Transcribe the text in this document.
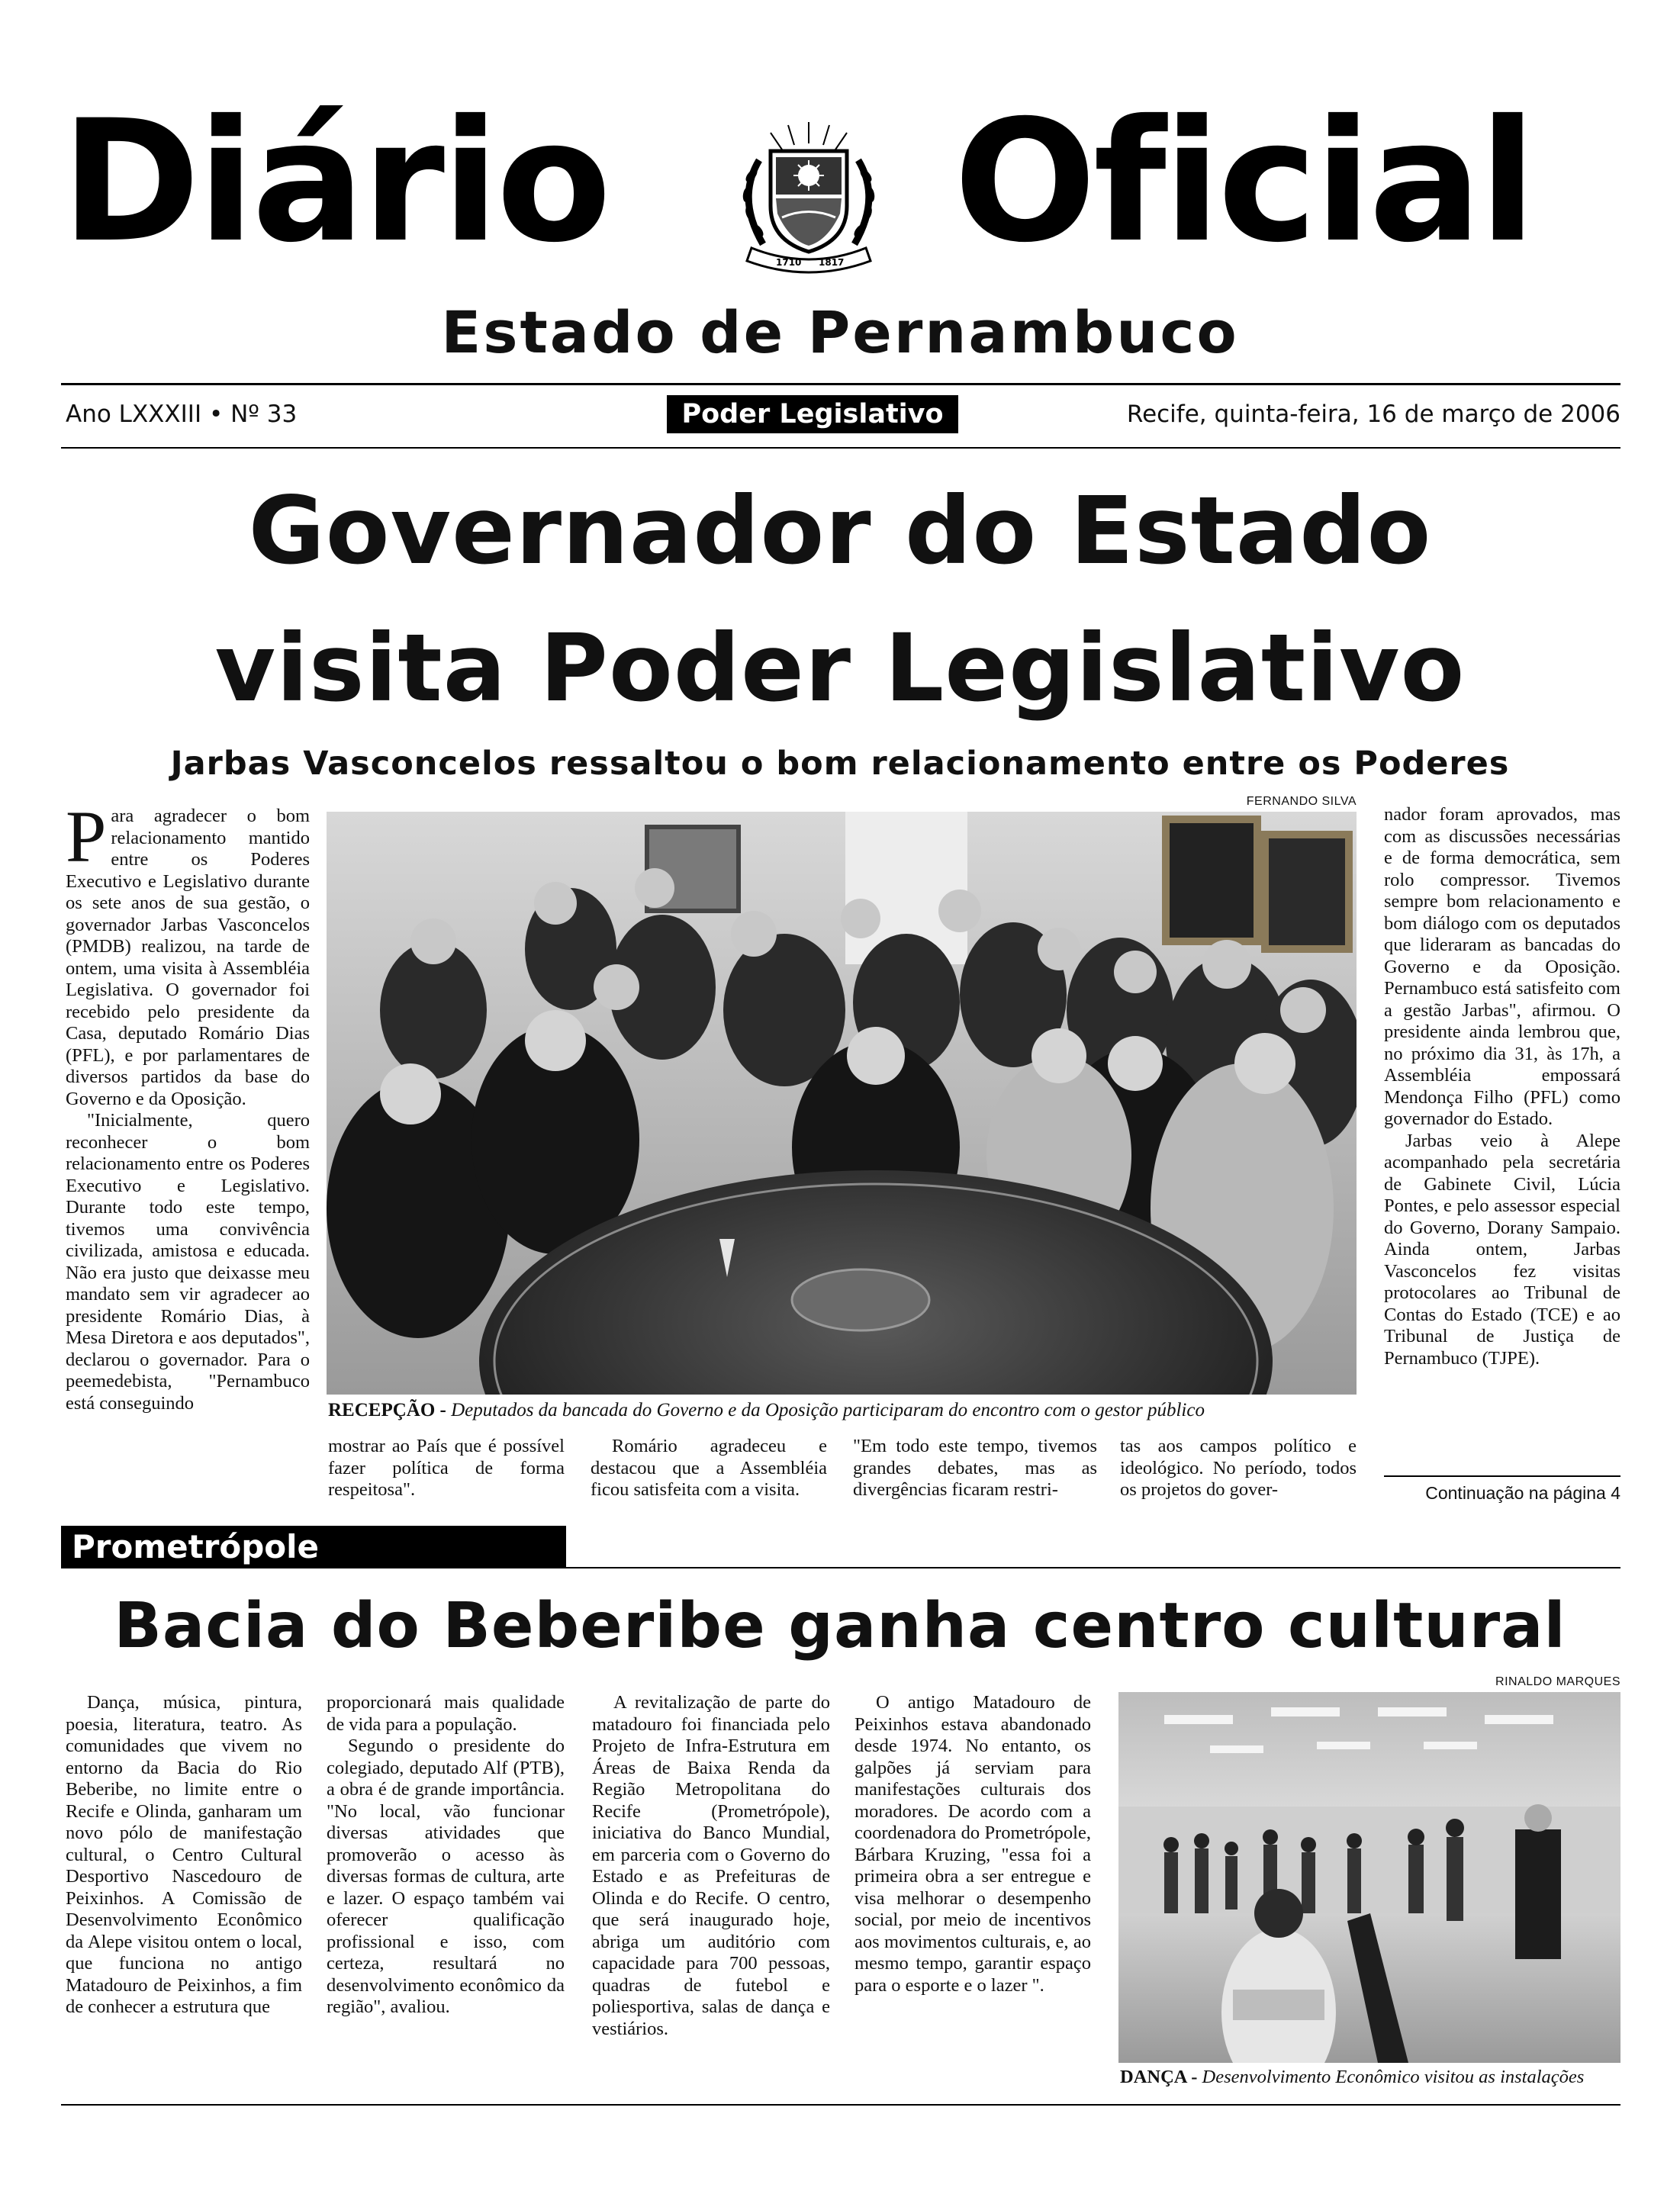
Diário	1710 1817 Oficial
Estado de Pernambuco
Ano LXXXIII • Nº 33	Poder Legislativo	Recife, quinta-feira, 16 de março de 2006
Governador do Estado
visita Poder Legislativo
Jarbas Vasconcelos ressaltou o bom relacionamento entre os Poderes

Para agradecer o bom relacionamento mantido entre os Poderes Executivo e Legislativo durante os sete anos de sua gestão, o governador Jarbas Vasconcelos (PMDB) realizou, na tarde de ontem, uma visita à Assembléia Legislativa. O governador foi recebido pelo presidente da Casa, deputado Romário Dias (PFL), e por parlamentares de diversos partidos da base do Governo e da Oposição.

"Inicialmente, quero reconhecer o bom relacionamento entre os Poderes Executivo e Legislativo. Durante todo este tempo, tivemos uma convivência civilizada, amistosa e educada. Não era justo que deixasse meu mandato sem vir agradecer ao presidente Romário Dias, à Mesa Diretora e aos deputados", declarou o governador. Para o peemedebista, "Pernambuco está conseguindo

FERNANDO SILVA
RECEPÇÃO - Deputados da bancada do Governo e da Oposição participaram do encontro com o gestor público
mostrar ao País que é possível fazer política de forma respeitosa".

Romário agradeceu e destacou que a Assembléia ficou satisfeita com a visita.

"Em todo este tempo, tivemos grandes debates, mas as divergências ficaram restri-
tas aos campos político e ideológico. No período, todos os projetos do gover-

nador foram aprovados, mas com as discussões necessárias e de forma democrática, sem rolo compressor. Tivemos sempre bom relacionamento e bom diálogo com os deputados que lideraram as bancadas do Governo e da Oposição. Pernambuco está satisfeito com a gestão Jarbas", afirmou. O presidente ainda lembrou que, no próximo dia 31, às 17h, a Assembléia empossará Mendonça Filho (PFL) como governador do Estado.

Jarbas veio à Alepe acompanhado pela secretária de Gabinete Civil, Lúcia Pontes, e pelo assessor especial do Governo, Dorany Sampaio. Ainda ontem, Jarbas Vasconcelos fez visitas protocolares ao Tribunal de Contas do Estado (TCE) e ao Tribunal de Justiça de Pernambuco (TJPE).

Continuação na página 4
Prometrópole
Bacia do Beberibe ganha centro cultural

Dança, música, pintura, poesia, literatura, teatro. As comunidades que vivem no entorno da Bacia do Rio Beberibe, no limite entre o Recife e Olinda, ganharam um novo pólo de manifestação cultural, o Centro Cultural Desportivo Nascedouro de Peixinhos. A Comissão de Desenvolvimento Econômico da Alepe visitou ontem o local, que funciona no antigo Matadouro de Peixinhos, a fim de conhecer a estrutura que

proporcionará mais qualidade de vida para a população.

Segundo o presidente do colegiado, deputado Alf (PTB), a obra é de grande importância. "No local, vão funcionar diversas atividades que promoverão o acesso às diversas formas de cultura, arte e lazer. O espaço também vai oferecer qualificação profissional e isso, com certeza, resultará no desenvolvimento econômico da região", avaliou.

A revitalização de parte do matadouro foi financiada pelo Projeto de Infra-Estrutura em Áreas de Baixa Renda da Região Metropolitana do Recife (Prometrópole), iniciativa do Banco Mundial, em parceria com o Governo do Estado e as Prefeituras de Olinda e do Recife. O centro, que será inaugurado hoje, abriga um auditório com capacidade para 700 pessoas, quadras de futebol e poliesportiva, salas de dança e vestiários.

O antigo Matadouro de Peixinhos estava abandonado desde 1974. No entanto, os galpões já serviam para manifestações culturais dos moradores. De acordo com a coordenadora do Prometrópole, Bárbara Kruzing, "essa foi a primeira obra a ser entregue e visa melhorar o desempenho social, por meio de incentivos aos movimentos culturais, e, ao mesmo tempo, garantir espaço para o esporte e o lazer ".

RINALDO MARQUES
DANÇA - Desenvolvimento Econômico visitou as instalações
